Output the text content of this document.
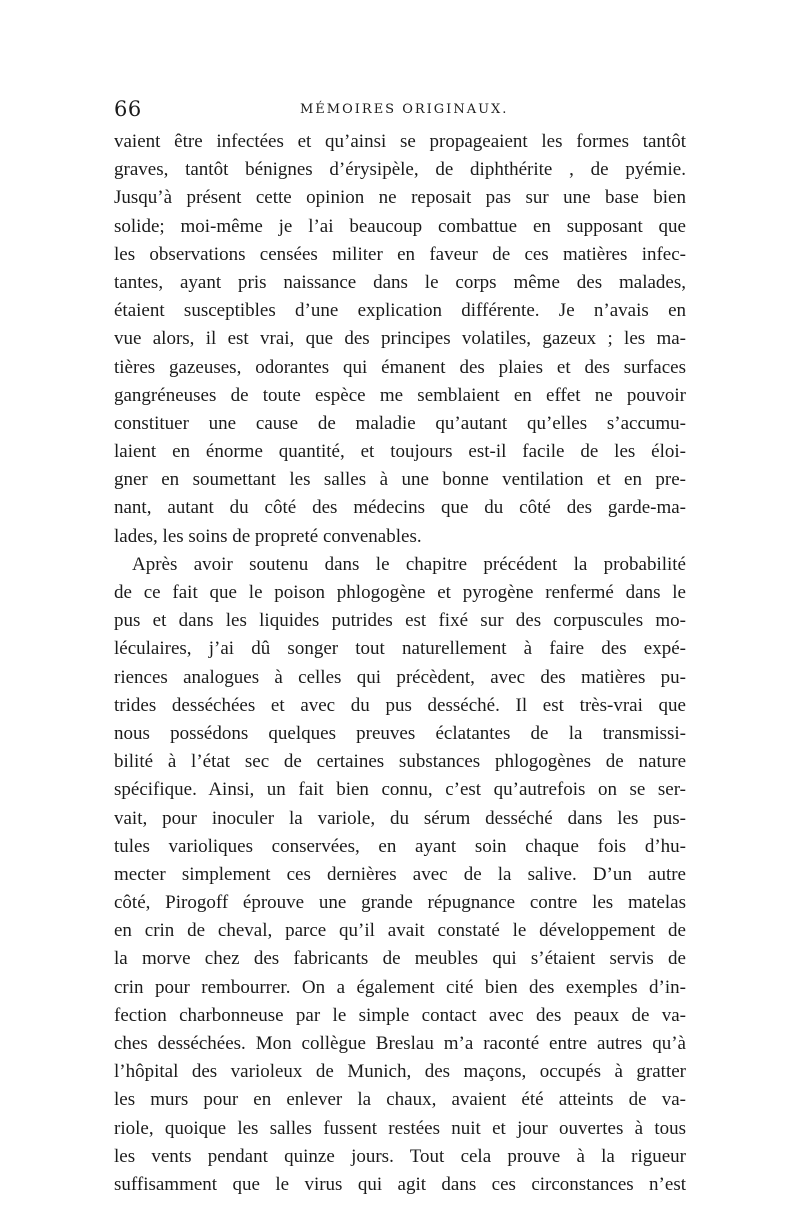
66	MÉMOIRES ORIGINAUX.
vaient être infectées et qu’ainsi se propageaient les formes tantôt
graves, tantôt bénignes d’érysipèle, de diphthérite , de pyémie.
Jusqu’à présent cette opinion ne reposait pas sur une base bien
solide; moi-même je l’ai beaucoup combattue en supposant que
les observations censées militer en faveur de ces matières infec-
tantes, ayant pris naissance dans le corps même des malades,
étaient susceptibles d’une explication différente. Je n’avais en
vue alors, il est vrai, que des principes volatiles, gazeux ; les ma-
tières gazeuses, odorantes qui émanent des plaies et des surfaces
gangréneuses de toute espèce me semblaient en effet ne pouvoir
constituer une cause de maladie qu’autant qu’elles s’accumu-
laient en énorme quantité, et toujours est-il facile de les éloi-
gner en soumettant les salles à une bonne ventilation et en pre-
nant, autant du côté des médecins que du côté des garde-ma-
lades, les soins de propreté convenables.
Après avoir soutenu dans le chapitre précédent la probabilité
de ce fait que le poison phlogogène et pyrogène renfermé dans le
pus et dans les liquides putrides est fixé sur des corpuscules mo-
léculaires, j’ai dû songer tout naturellement à faire des expé-
riences analogues à celles qui précèdent, avec des matières pu-
trides desséchées et avec du pus desséché. Il est très-vrai que
nous possédons quelques preuves éclatantes de la transmissi-
bilité à l’état sec de certaines substances phlogogènes de nature
spécifique. Ainsi, un fait bien connu, c’est qu’autrefois on se ser-
vait, pour inoculer la variole, du sérum desséché dans les pus-
tules varioliques conservées, en ayant soin chaque fois d’hu-
mecter simplement ces dernières avec de la salive. D’un autre
côté, Pirogoff éprouve une grande répugnance contre les matelas
en crin de cheval, parce qu’il avait constaté le développement de
la morve chez des fabricants de meubles qui s’étaient servis de
crin pour rembourrer. On a également cité bien des exemples d’in-
fection charbonneuse par le simple contact avec des peaux de va-
ches desséchées. Mon collègue Breslau m’a raconté entre autres qu’à
l’hôpital des varioleux de Munich, des maçons, occupés à gratter
les murs pour en enlever la chaux, avaient été atteints de va-
riole, quoique les salles fussent restées nuit et jour ouvertes à tous
les vents pendant quinze jours. Tout cela prouve à la rigueur
suffisamment que le virus qui agit dans ces circonstances n’est
